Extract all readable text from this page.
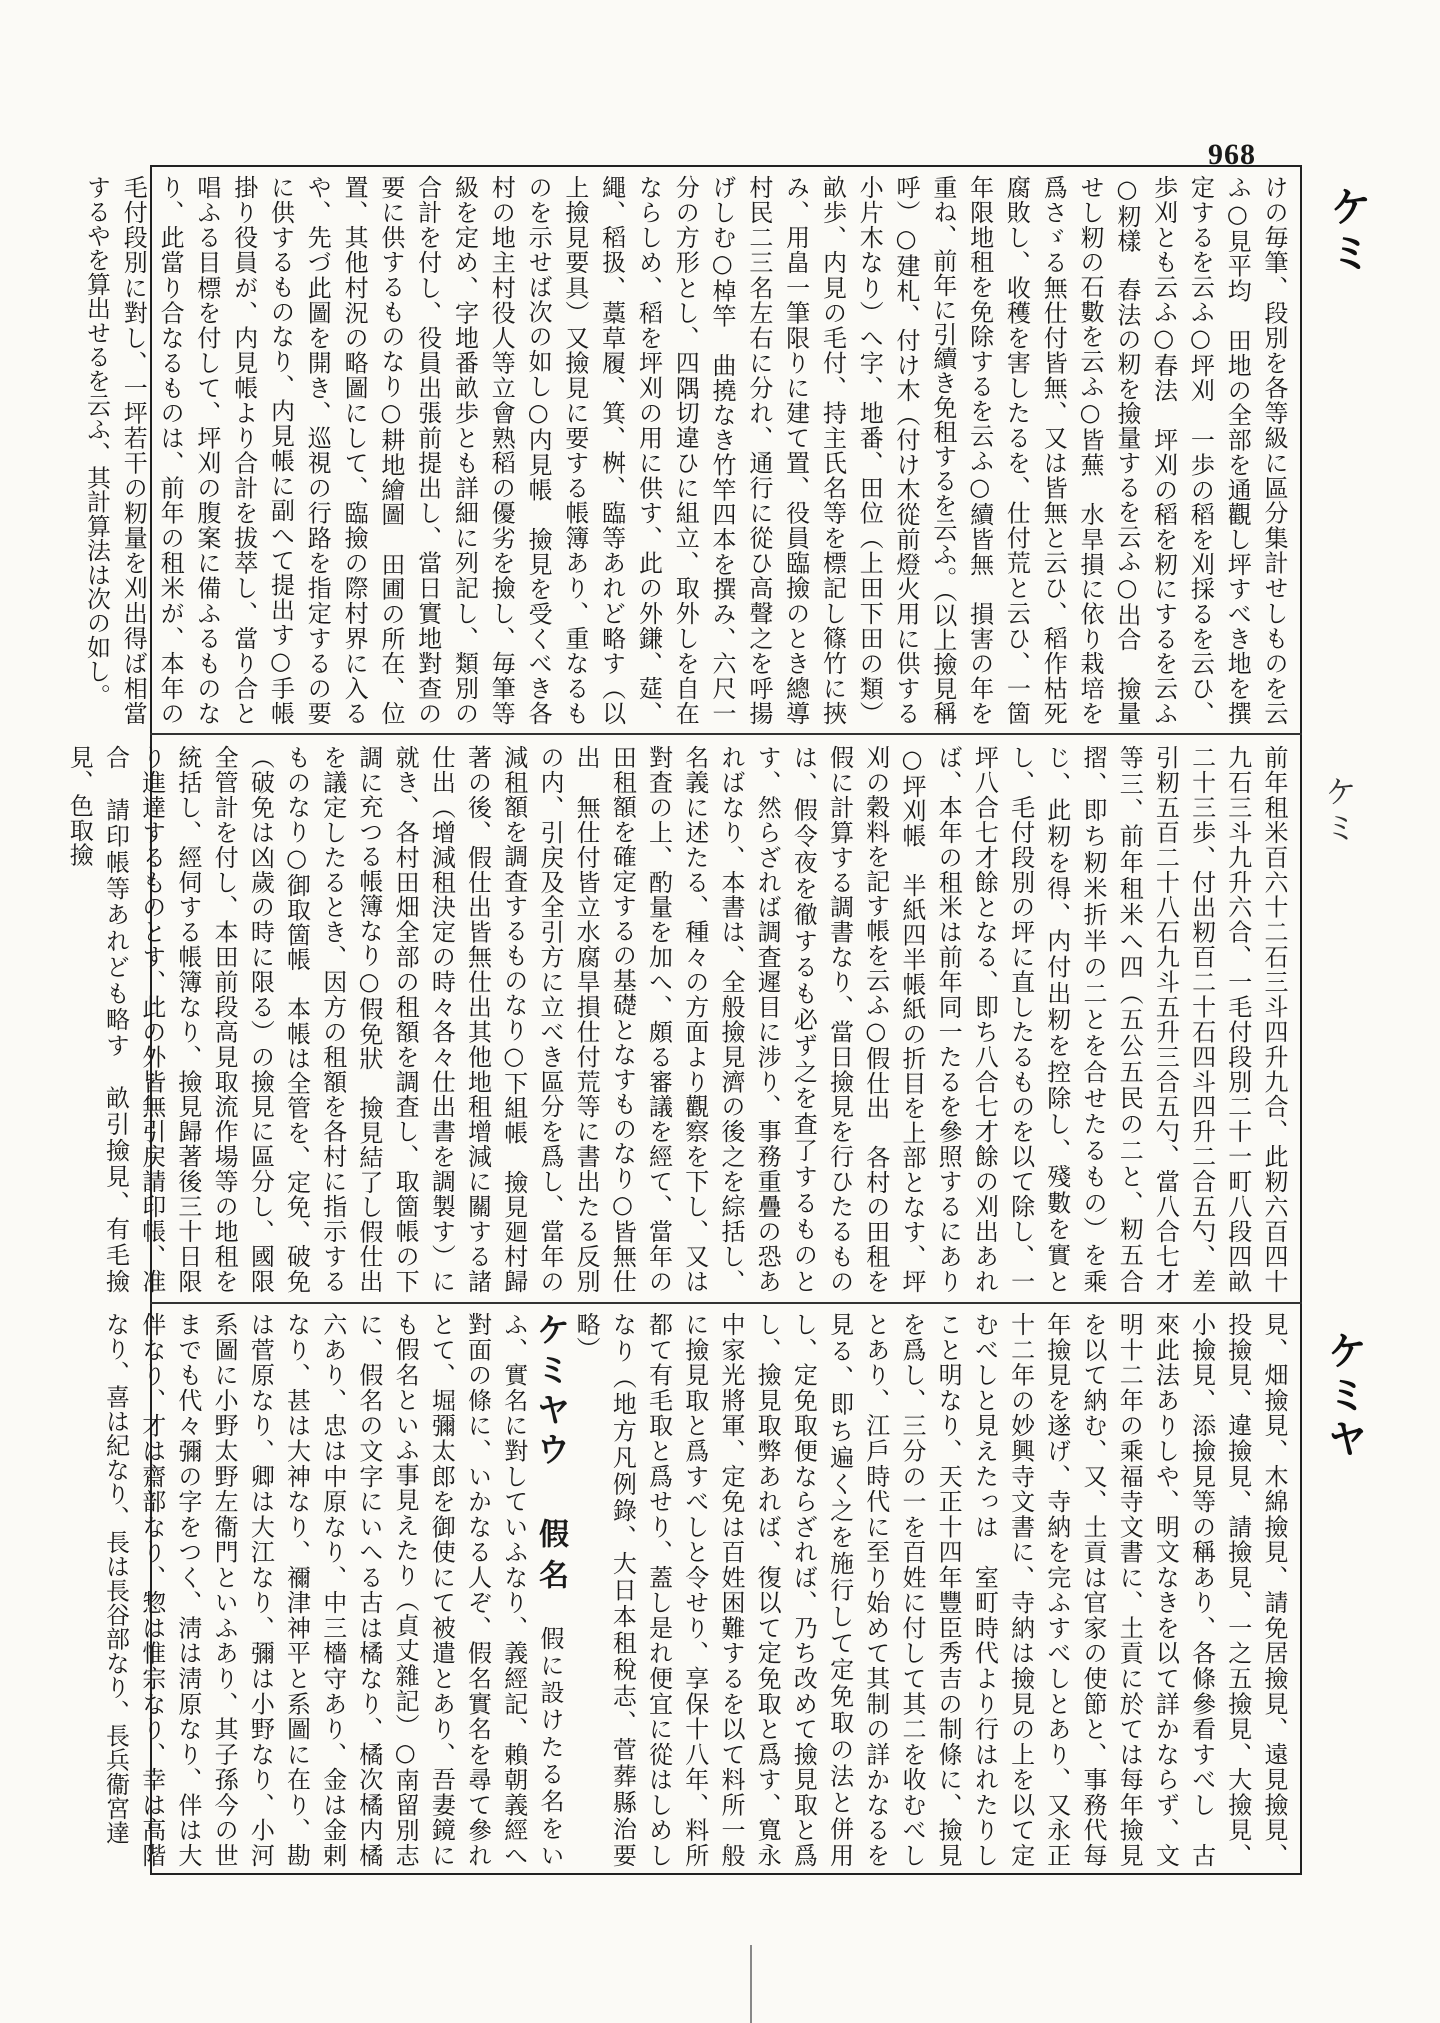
968
ケミ
ケミ
ケミヤ
けの毎筆、段別を各等級に區分集計せしものを云ふ○見平均　田地の全部を通觀し坪すべき地を撰定するを云ふ○坪刈　一歩の稻を刈採るを云ひ、歩刈とも云ふ○春法　坪刈の稻を籾にするを云ふ○籾樣　舂法の籾を撿量するを云ふ○出合　撿量せし籾の石數を云ふ○皆蕪　水旱損に依り栽培を爲さゞる無仕付皆無、又は皆無と云ひ、稻作枯死腐敗し、收穫を害したるを、仕付荒と云ひ、一箇年限地租を免除するを云ふ○續皆無　損害の年を重ね、前年に引續き免租するを云ふ。（以上撿見稱呼）○建札、付け木（付け木從前燈火用に供する小片木なり）へ字、地番、田位（上田下田の類）畝歩、内見の毛付、持主氏名等を標記し篠竹に挾み、用畠一筆限りに建て置、役員臨撿のとき總導村民二三名左右に分れ、通行に從ひ高聲之を呼揚げしむ○棹竿　曲撓なき竹竿四本を撰み、六尺一分の方形とし、四隅切違ひに組立、取外しを自在ならしめ、稻を坪刈の用に供す、此の外鎌、莚、繩、稻扱、藁草履、箕、桝、臨等あれど略す（以上撿見要具）又撿見に要する帳簿あり、重なるものを示せば次の如し○内見帳　撿見を受くべき各村の地主村役人等立會熟稻の優劣を撿し、毎筆等級を定め、字地番畝歩とも詳細に列記し、類別の合計を付し、役員出張前提出し、當日實地對查の要に供するものなり○耕地繪圖　田圃の所在、位置、其他村況の略圖にして、臨撿の際村界に入るや、先づ此圖を開き、巡視の行路を指定するの要に供するものなり、内見帳に副へて提出す○手帳　掛り役員が、内見帳より合計を拔萃し、當り合と唱ふる目標を付して、坪刈の腹案に備ふるものなり、此當り合なるものは、前年の租米が、本年の毛付段別に對し、一坪若干の籾量を刈出得ば相當するやを算出せるを云ふ、其計算法は次の如し。
前年租米百六十二石三斗四升九合、此籾六百四十九石三斗九升六合、一毛付段別二十一町八段四畝二十三歩、付出籾百二十石四斗四升二合五勺、差引籾五百二十八石九斗五升三合五勺、當八合七才等三、前年租米へ四（五公五民の二と、籾五合摺、即ち籾米折半の二とを合せたるもの）を乘じ、此籾を得、内付出籾を控除し、殘數を實とし、毛付段別の坪に直したるものを以て除し、一坪八合七才餘となる、即ち八合七才餘の刈出あれば、本年の租米は前年同一たるを參照するにあり○坪刈帳　半紙四半帳紙の折目を上部となす、坪刈の穀料を記す帳を云ふ○假仕出　各村の田租を假に計算する調書なり、當日撿見を行ひたるものは、假令夜を徹するも必ず之を査了するものとす、然らざれば調査遲目に涉り、事務重疊の恐あればなり、本書は、全般撿見濟の後之を綜括し、名義に述たる、種々の方面より觀察を下し、又は對査の上、酌量を加へ、頗る審議を經て、當年の田租額を確定するの基礎となすものなり○皆無仕出　無仕付皆立水腐旱損仕付荒等に書出たる反別の内、引戻及全引方に立べき區分を爲し、當年の減租額を調査するものなり○下組帳　撿見廻村歸著の後、假仕出皆無仕出其他地租增減に關する諸仕出（增減租決定の時々各々仕出書を調製す）に就き、各村田畑全部の租額を調査し、取箇帳の下調に充つる帳簿なり○假免狀　撿見結了し假仕出を議定したるとき、因方の租額を各村に指示するものなり○御取箇帳　本帳は全管を、定免、破免（破免は凶歲の時に限る）の撿見に區分し、國限全管計を付し、本田前段高見取流作場等の地租を統括し、經伺する帳簿なり、撿見歸著後三十日限り進達するものとす、此の外皆無引戻請印帳、准合　請印帳等あれども略す　畝引撿見、有毛撿見、色取撿
見、畑撿見、木綿撿見、請免居撿見、遠見撿見、投撿見、違撿見、請撿見、一之五撿見、大撿見、小撿見、添撿見等の稱あり、各條參看すべし　古來此法ありしや、明文なきを以て詳かならず、文明十二年の乘福寺文書に、土貢に於ては每年撿見を以て納む、又、土貢は官家の使節と、事務代每年撿見を遂げ、寺納を完ふすべしとあり、又永正十二年の妙興寺文書に、寺納は撿見の上を以て定むべしと見えたっは　室町時代より行はれたりしこと明なり、天正十四年豐臣秀吉の制條に、撿見を爲し、三分の一を百姓に付して其二を收むべしとあり、江戶時代に至り始めて其制の詳かなるを見る、即ち遍く之を施行して定免取の法と併用し、定免取便ならざれば、乃ち改めて撿見取と爲し、撿見取弊あれば、復以て定免取と爲す、寬永中家光將軍、定免は百姓困難するを以て料所一般に撿見取と爲すべしと令せり、享保十八年、料所都て有毛取と爲せり、蓋し是れ便宜に從はしめしなり（地方凡例錄、大日本租稅志、菅葬縣治要略）
ケミヤウ假名假に設けたる名をいふ、實名に對していふなり、義經記、賴朝義經へ對面の條に、いかなる人ぞ、假名實名を尋て參れとて、堀彌太郎を御使にて被遣とあり、吾妻鏡にも假名といふ事見えたり（貞丈雜記）○南留別志に、假名の文字にいへる古は橘なり、橘次橘内橘六あり、忠は中原なり、中三檣守あり、金は金剌なり、甚は大神なり、禰津神平と系圖に在り、勘は菅原なり、卿は大江なり、彌は小野なり、小河系圖に小野太野左衞門といふあり、其子孫今の世までも代々彌の字をつく、淸は淸原なり、伴は大伴なり、才は齋部なり、惣は惟宗なり、幸は高階なり、喜は紀なり、長は長谷部なり、長兵衞宮達
